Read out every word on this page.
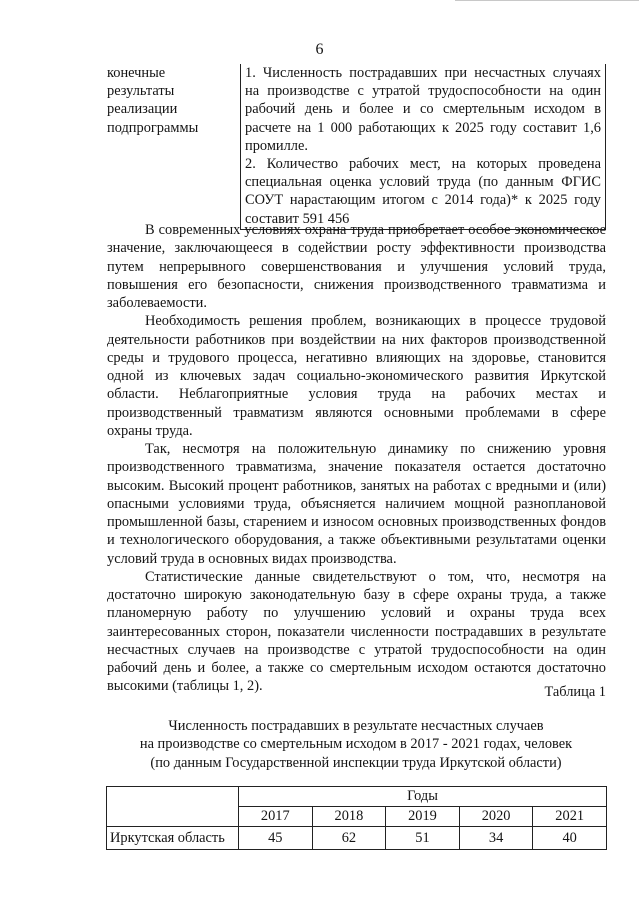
6
конечные
результаты
реализации
подпрограммы

1. Численность пострадавших при несчастных случаях на производстве с утратой трудоспособности на один рабочий день и более и со смертельным исходом в расчете на 1 000 работающих к 2025 году составит 1,6 промилле.
2. Количество рабочих мест, на которых проведена специальная оценка условий труда (по данным ФГИС СОУТ нарастающим итогом с 2014 года)* к 2025 году составит 591 456

В современных условиях охрана труда приобретает особое экономическое значение, заключающееся в содействии росту эффективности производства путем непрерывного совершенствования и улучшения условий труда, повышения его безопасности, снижения производственного травматизма и заболеваемости.

Необходимость решения проблем, возникающих в процессе трудовой деятельности работников при воздействии на них факторов производственной среды и трудового процесса, негативно влияющих на здоровье, становится одной из ключевых задач социально-экономического развития Иркутской области. Неблагоприятные условия труда на рабочих местах и производственный травматизм являются основными проблемами в сфере охраны труда.

Так, несмотря на положительную динамику по снижению уровня производственного травматизма, значение показателя остается достаточно высоким. Высокий процент работников, занятых на работах с вредными и (или) опасными условиями труда, объясняется наличием мощной разноплановой промышленной базы, старением и износом основных производственных фондов и технологического оборудования, а также объективными результатами оценки условий труда в основных видах производства.

Статистические данные свидетельствуют о том, что, несмотря на достаточно широкую законодательную базу в сфере охраны труда, а также планомерную работу по улучшению условий и охраны труда всех заинтересованных сторон, показатели численности пострадавших в результате несчастных случаев на производстве с утратой трудоспособности на один рабочий день и более, а также со смертельным исходом остаются достаточно высокими (таблицы 1, 2).	Таблица 1
Численность пострадавших в результате несчастных случаев
на производстве со смертельным исходом в 2017 - 2021 годах, человек
(по данным Государственной инспекции труда Иркутской области)
	Годы				
	2017	2018	2019	2020	2021
Иркутская область	45	62	51	34	40
